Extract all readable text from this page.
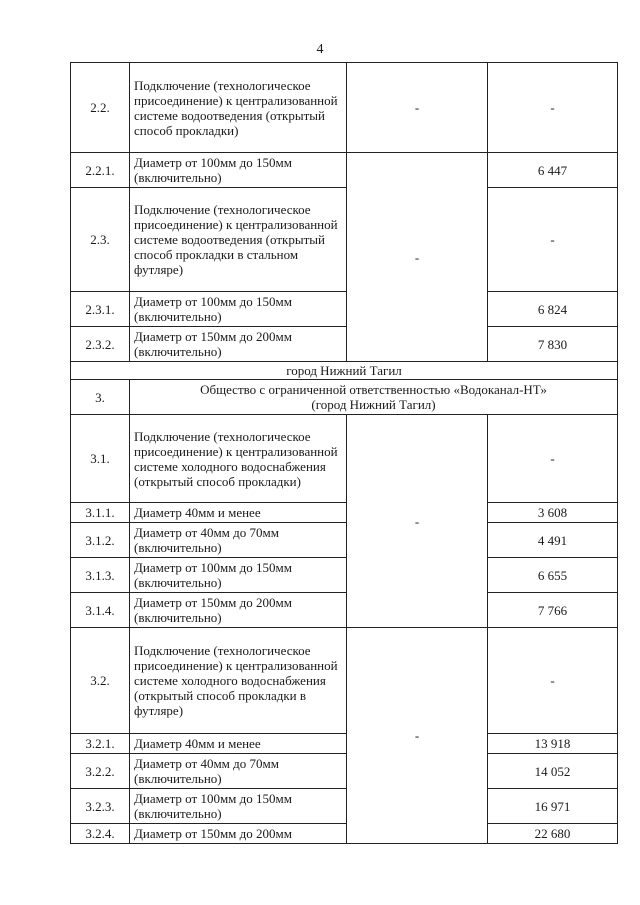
4
2.2.	Подключение (технологическое присоединение) к централизованной системе водоотведения (открытый способ прокладки)	-	-
2.2.1.	Диаметр от 100мм до 150мм (включительно)	-	6 447
2.3.	Подключение (технологическое присоединение) к централизованной системе водоотведения (открытый способ прокладки в стальном футляре)		-
2.3.1.	Диаметр от 100мм до 150мм (включительно)		6 824
2.3.2.	Диаметр от 150мм до 200мм (включительно)		7 830
город Нижний Тагил			
3.	Общество с ограниченной ответственностью «Водоканал-НТ»
(город Нижний Тагил)		

3.1.	Подключение (технологическое присоединение) к централизованной системе холодного водоснабжения (открытый способ прокладки)	-	-
3.1.1.	Диаметр 40мм и менее		3 608
3.1.2.	Диаметр от 40мм до 70мм (включительно)		4 491
3.1.3.	Диаметр от 100мм до 150мм (включительно)		6 655
3.1.4.	Диаметр от 150мм до 200мм (включительно)		7 766
3.2.	Подключение (технологическое присоединение) к централизованной системе холодного водоснабжения (открытый способ прокладки в футляре)	-	-
3.2.1.	Диаметр 40мм и менее		13 918
3.2.2.	Диаметр от 40мм до 70мм (включительно)		14 052
3.2.3.	Диаметр от 100мм до 150мм (включительно)		16 971
3.2.4.	Диаметр от 150мм до 200мм		22 680
